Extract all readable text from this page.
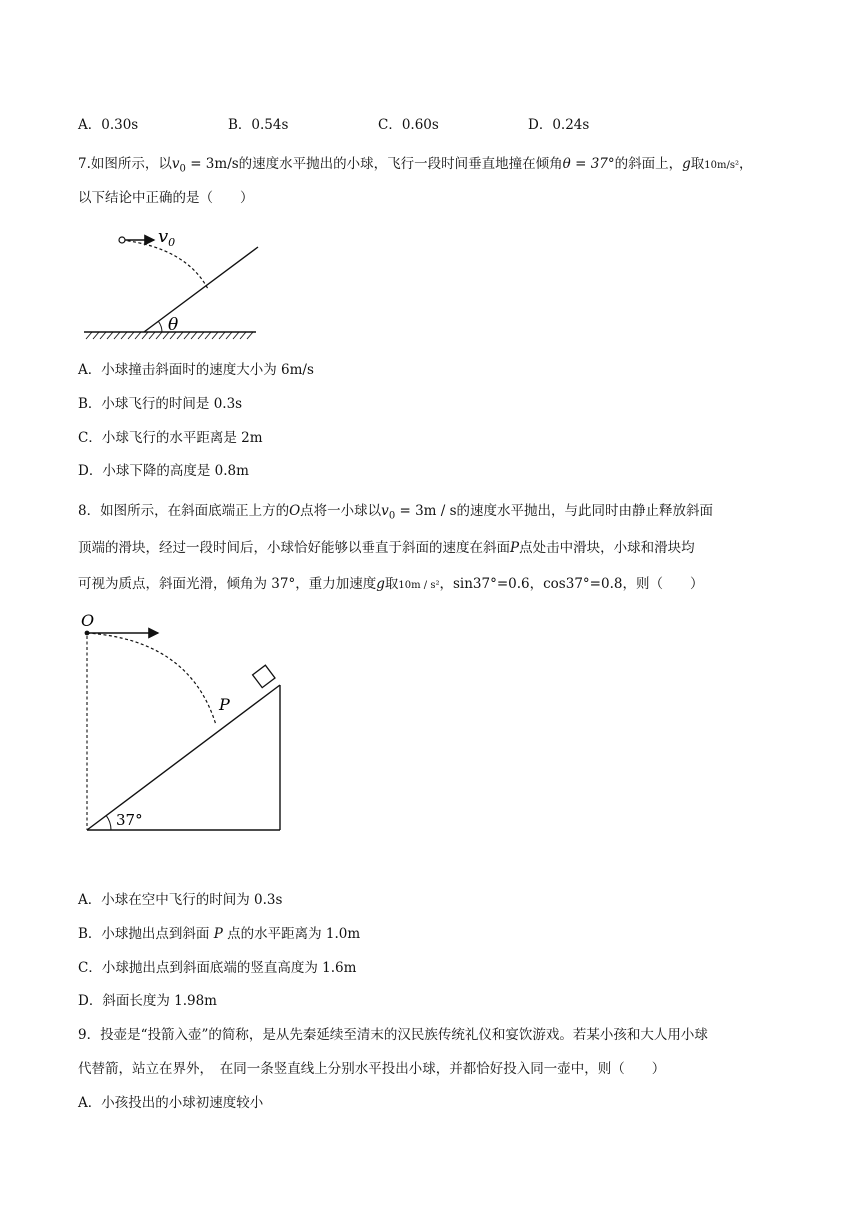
A．0.30s	B．0.54s	C．0.60s	D．0.24s
7.如图所示，以$v_0 = 3m/s$的速度水平抛出的小球，飞行一段时间垂直地撞在倾角θ = 37°的斜面上，g取10m/s²，
以下结论中正确的是（　　）
θ
$v_0$
A．小球撞击斜面时的速度大小为 6m/s
B．小球飞行的时间是 0.3s
C．小球飞行的水平距离是 2m
D．小球下降的高度是 0.8m
8．如图所示，在斜面底端正上方的O点将一小球以$v_0 = 3m / s$的速度水平抛出，与此同时由静止释放斜面
顶端的滑块，经过一段时间后，小球恰好能够以垂直于斜面的速度在斜面P点处击中滑块，小球和滑块均
可视为质点，斜面光滑，倾角为 37°，重力加速度g取10m / s²，sin37°=0.6，cos37°=0.8，则（　　）
O
P
37°
A．小球在空中飞行的时间为 0.3s
B．小球抛出点到斜面 P 点的水平距离为 1.0m
C．小球抛出点到斜面底端的竖直高度为 1.6m
D．斜面长度为 1.98m
9．投壶是“投箭入壶”的简称，是从先秦延续至清末的汉民族传统礼仪和宴饮游戏。若某小孩和大人用小球
代替箭，站立在界外，　在同一条竖直线上分别水平投出小球，并都恰好投入同一壶中，则（　　）
A．小孩投出的小球初速度较小
